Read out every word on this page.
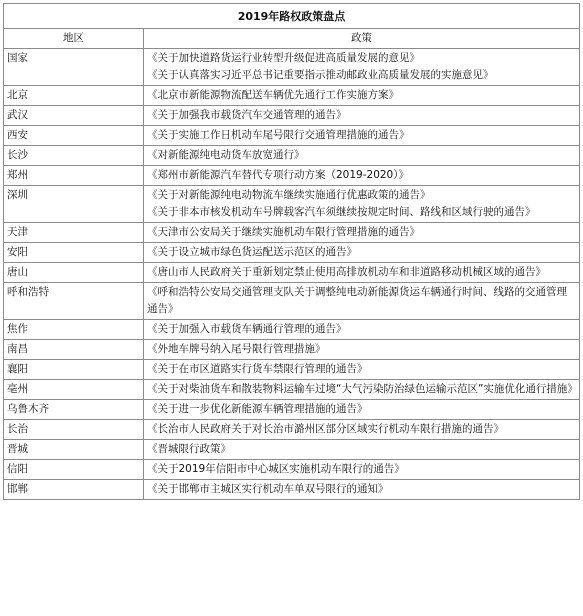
2019年路权政策盘点	
地区	政策
国家	《关于加快道路货运行业转型升级促进高质量发展的意见》
《关于认真落实习近平总书记重要指示推动邮政业高质量发展的实施意见》

北京	《北京市新能源物流配送车辆优先通行工作实施方案》

武汉	《关于加强我市载货汽车交通管理的通告》

西安	《关于实施工作日机动车尾号限行交通管理措施的通告》

长沙	《对新能源纯电动货车放宽通行》

郑州	《郑州市新能源汽车替代专项行动方案（2019-2020）》

深圳	《关于对新能源纯电动物流车继续实施通行优惠政策的通告》
《关于非本市核发机动车号牌载客汽车须继续按规定时间、路线和区域行驶的通告》

天津	《天津市公安局关于继续实施机动车限行管理措施的通告》

安阳	《关于设立城市绿色货运配送示范区的通告》

唐山	《唐山市人民政府关于重新划定禁止使用高排放机动车和非道路移动机械区域的通告》

呼和浩特	《呼和浩特公安局交通管理支队关于调整纯电动新能源货运车辆通行时间、线路的交通管理通告》

焦作	《关于加强入市载货车辆通行管理的通告》

南昌	《外地车牌号纳入尾号限行管理措施》

襄阳	《关于在市区道路实行货车禁限行管理的通告》

亳州	《关于对柴油货车和散装物料运输车过境“大气污染防治绿色运输示范区”实施优化通行措施》

乌鲁木齐	《关于进一步优化新能源车辆管理措施的通告》

长治	《长治市人民政府关于对长治市潞州区部分区域实行机动车限行措施的通告》

晋城	《晋城限行政策》

信阳	《关于2019年信阳市中心城区实施机动车限行的通告》

邯郸	《关于邯郸市主城区实行机动车单双号限行的通知》
